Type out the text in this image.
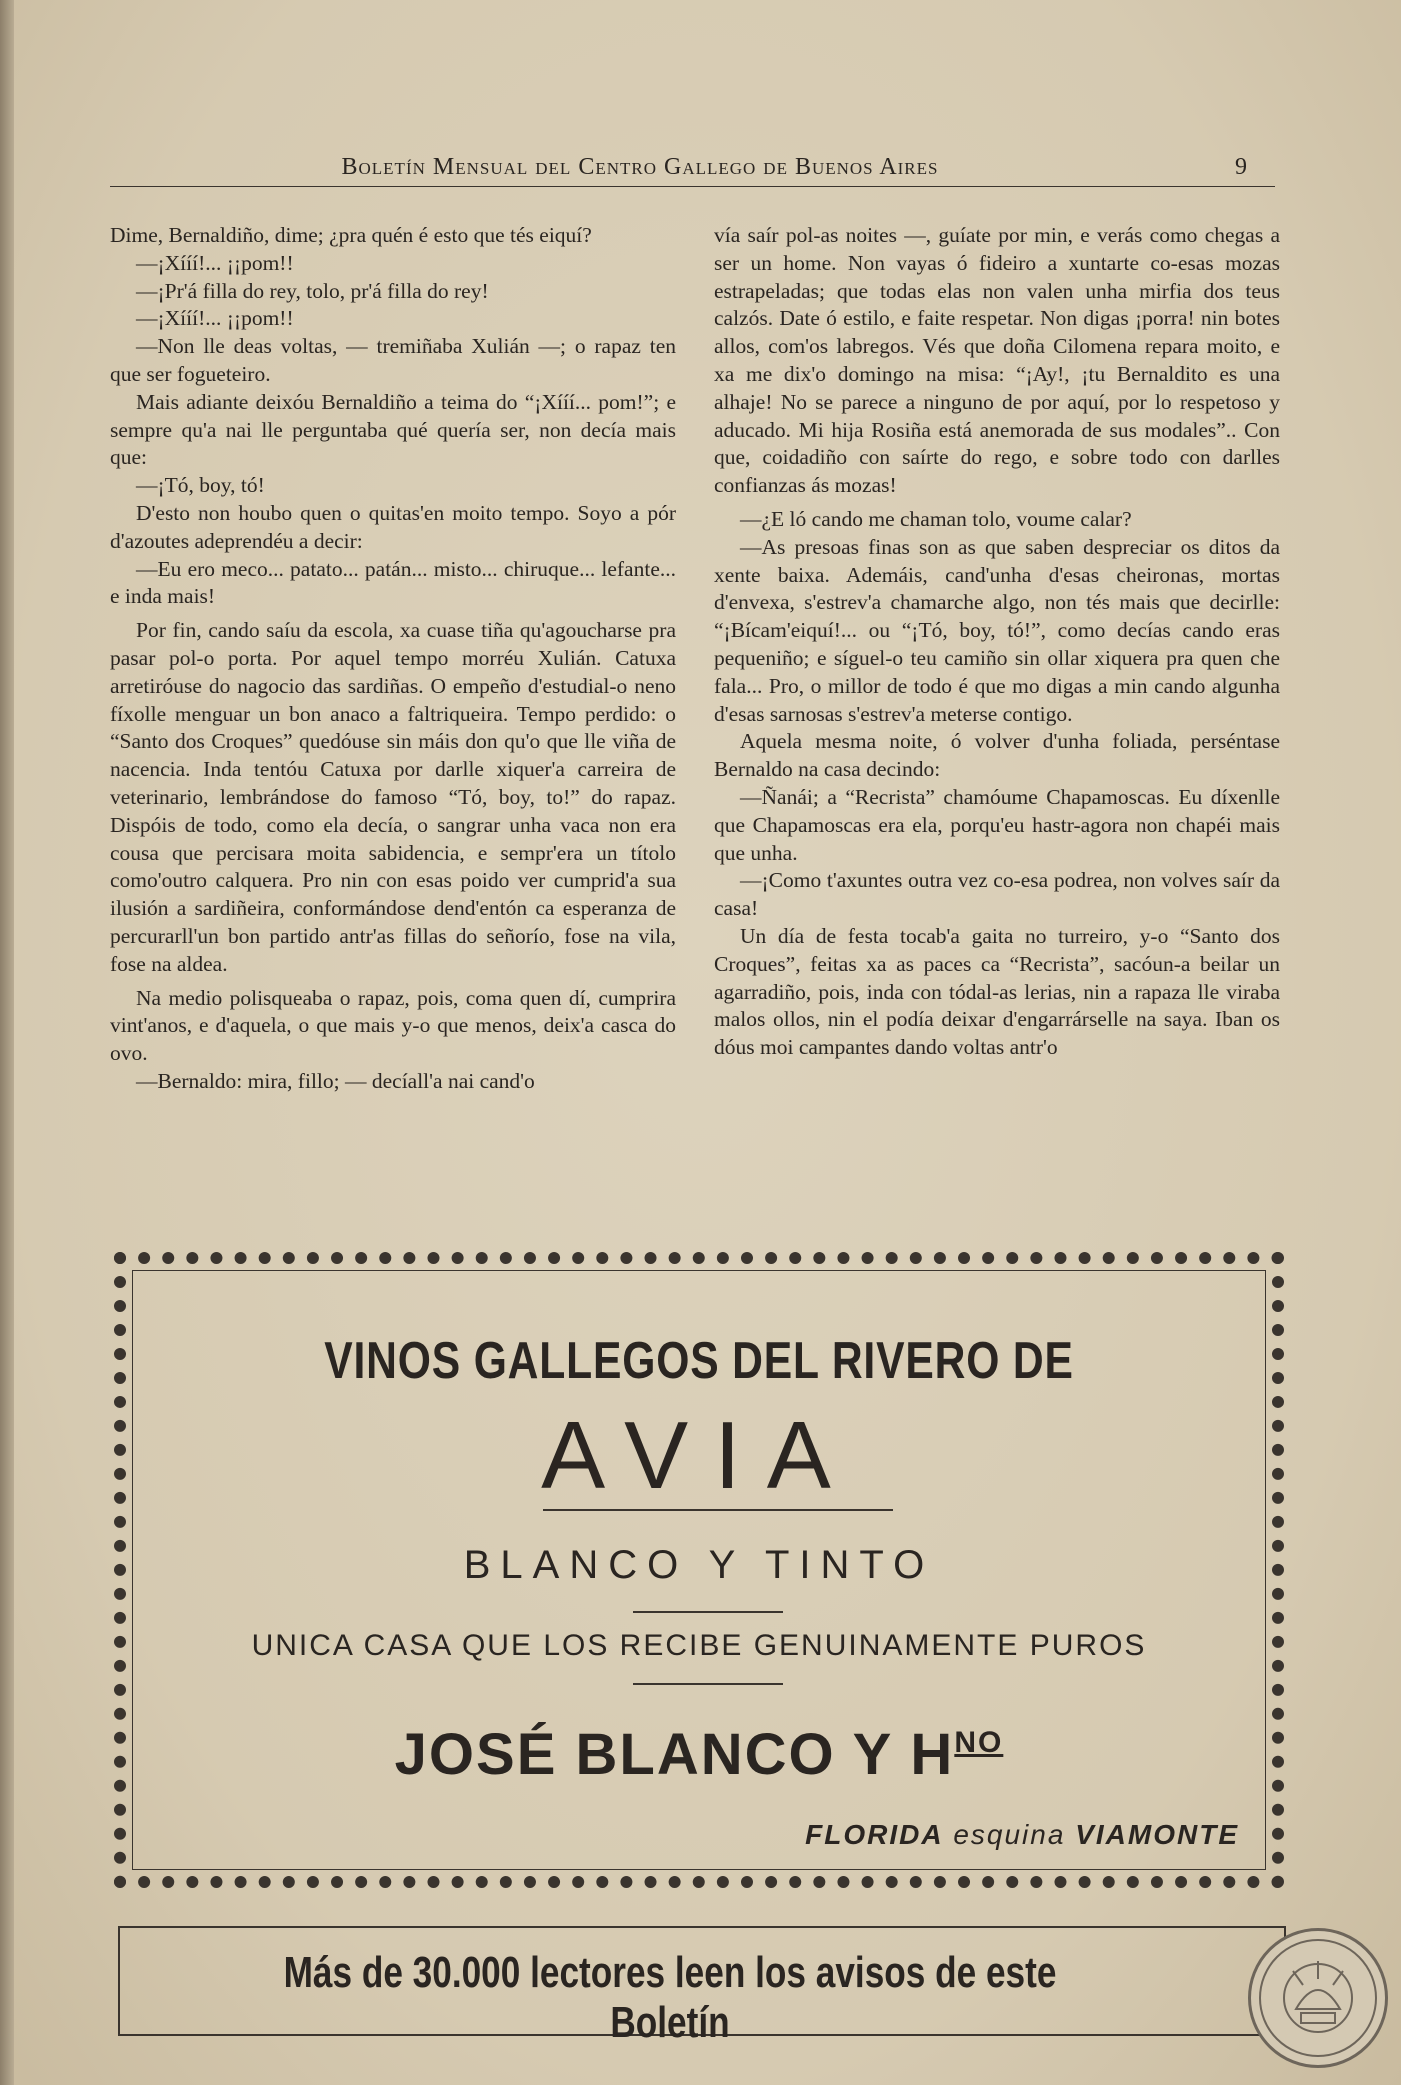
Boletín Mensual del Centro Gallego de Buenos Aires	9

Dime, Bernaldiño, dime; ¿pra quén é esto que tés eiquí?

—¡Xííí!... ¡¡pom!!

—¡Pr'á filla do rey, tolo, pr'á filla do rey!

—¡Xííí!... ¡¡pom!!

—Non lle deas voltas, — tremiñaba Xulián —; o rapaz ten que ser fogueteiro.

Mais adiante deixóu Bernaldiño a teima do “¡Xííí... pom!”; e sempre qu'a nai lle perguntaba qué quería ser, non decía mais que:

—¡Tó, boy, tó!

D'esto non houbo quen o quitas'en moito tempo. Soyo a pór d'azoutes adeprendéu a decir:

—Eu ero meco... patato... patán... misto... chiruque... lefante... e inda mais!

Por fin, cando saíu da escola, xa cuase tiña qu'agoucharse pra pasar pol-o porta. Por aquel tempo morréu Xulián. Catuxa arretiróuse do nagocio das sardiñas. O empeño d'estudial-o neno fíxolle menguar un bon anaco a faltriqueira. Tempo perdido: o “Santo dos Croques” quedóuse sin máis don qu'o que lle viña de nacencia. Inda tentóu Catuxa por darlle xiquer'a carreira de veterinario, lembrándose do famoso “Tó, boy, to!” do rapaz. Dispóis de todo, como ela decía, o sangrar unha vaca non era cousa que percisara moita sabidencia, e sempr'era un títolo como'outro calquera. Pro nin con esas poido ver cumprid'a sua ilusión a sardiñeira, conformándose dend'entón ca esperanza de percurarll'un bon partido antr'as fillas do señorío, fose na vila, fose na aldea.

Na medio polisqueaba o rapaz, pois, coma quen dí, cumprira vint'anos, e d'aquela, o que mais y-o que menos, deix'a casca do ovo.

—Bernaldo: mira, fillo; — decíall'a nai cand'o

vía saír pol-as noites —, guíate por min, e verás como chegas a ser un home. Non vayas ó fideiro a xuntarte co-esas mozas estrapeladas; que todas elas non valen unha mirfia dos teus calzós. Date ó estilo, e faite respetar. Non digas ¡porra! nin botes allos, com'os labregos. Vés que doña Cilomena repara moito, e xa me dix'o domingo na misa: “¡Ay!, ¡tu Bernaldito es una alhaje! No se parece a ninguno de por aquí, por lo respetoso y aducado. Mi hija Rosiña está anemorada de sus modales”.. Con que, coidadiño con saírte do rego, e sobre todo con darlles confianzas ás mozas!

—¿E ló cando me chaman tolo, voume calar?

—As presoas finas son as que saben despreciar os ditos da xente baixa. Ademáis, cand'unha d'esas cheironas, mortas d'envexa, s'estrev'a chamarche algo, non tés mais que decirlle: “¡Bícam'eiquí!... ou “¡Tó, boy, tó!”, como decías cando eras pequeniño; e síguel-o teu camiño sin ollar xiquera pra quen che fala... Pro, o millor de todo é que mo digas a min cando algunha d'esas sarnosas s'estrev'a meterse contigo.

Aquela mesma noite, ó volver d'unha foliada, perséntase Bernaldo na casa decindo:

—Ñanái; a “Recrista” chamóume Chapamoscas. Eu díxenlle que Chapamoscas era ela, porqu'eu hastr-agora non chapéi mais que unha.

—¡Como t'axuntes outra vez co-esa podrea, non volves saír da casa!

Un día de festa tocab'a gaita no turreiro, y-o “Santo dos Croques”, feitas xa as paces ca “Recrista”, sacóun-a beilar un agarradiño, pois, inda con tódal-as lerias, nin a rapaza lle viraba malos ollos, nin el podía deixar d'engarrárselle na saya. Iban os dóus moi campantes dando voltas antr'o

VINOS GALLEGOS DEL RIVERO DE
AVIA
BLANCO Y TINTO
UNICA CASA QUE LOS RECIBE GENUINAMENTE PUROS
JOSÉ BLANCO Y $H^{NO}$
FLORIDA esquina VIAMONTE
Más de 30.000 lectores leen los avisos de este Boletín
